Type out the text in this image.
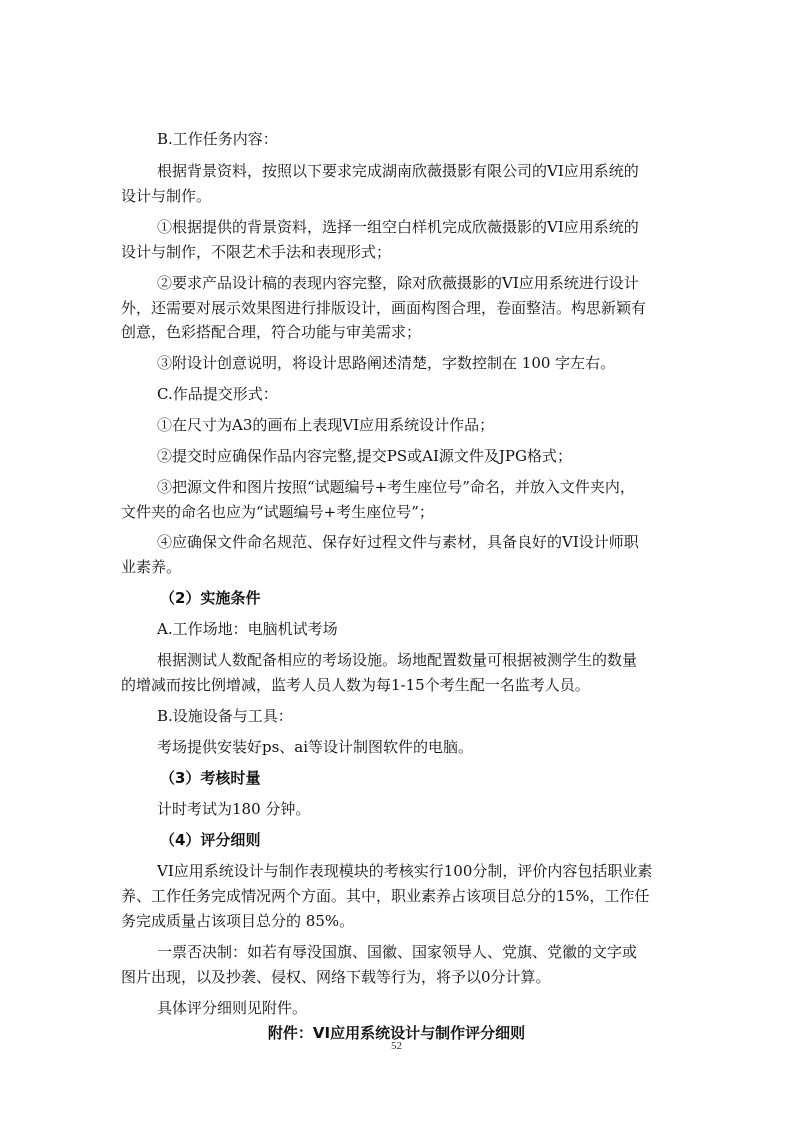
B.工作任务内容：
根据背景资料，按照以下要求完成湖南欣薇摄影有限公司的VI应用系统的
设计与制作。
①根据提供的背景资料，选择一组空白样机完成欣薇摄影的VI应用系统的
设计与制作，不限艺术手法和表现形式；
②要求产品设计稿的表现内容完整，除对欣薇摄影的VI应用系统进行设计
外，还需要对展示效果图进行排版设计，画面构图合理，卷面整洁。构思新颖有
创意，色彩搭配合理，符合功能与审美需求；
③附设计创意说明，将设计思路阐述清楚，字数控制在 100 字左右。
C.作品提交形式：
①在尺寸为A3的画布上表现VI应用系统设计作品；
②提交时应确保作品内容完整,提交PS或AI源文件及JPG格式；
③把源文件和图片按照“试题编号+考生座位号”命名，并放入文件夹内，
文件夹的命名也应为“试题编号+考生座位号”；
④应确保文件命名规范、保存好过程文件与素材，具备良好的VI设计师职
业素养。
（2）实施条件
A.工作场地：电脑机试考场
根据测试人数配备相应的考场设施。场地配置数量可根据被测学生的数量
的增减而按比例增减，监考人员人数为每1-15个考生配一名监考人员。
B.设施设备与工具：
考场提供安装好ps、ai等设计制图软件的电脑。
（3）考核时量
计时考试为180 分钟。
（4）评分细则
VI应用系统设计与制作表现模块的考核实行100分制，评价内容包括职业素
养、工作任务完成情况两个方面。其中，职业素养占该项目总分的15%，工作任
务完成质量占该项目总分的 85%。
一票否决制：如若有辱没国旗、国徽、国家领导人、党旗、党徽的文字或
图片出现，以及抄袭、侵权、网络下载等行为，将予以0分计算。
具体评分细则见附件。
附件：VI应用系统设计与制作评分细则
52
